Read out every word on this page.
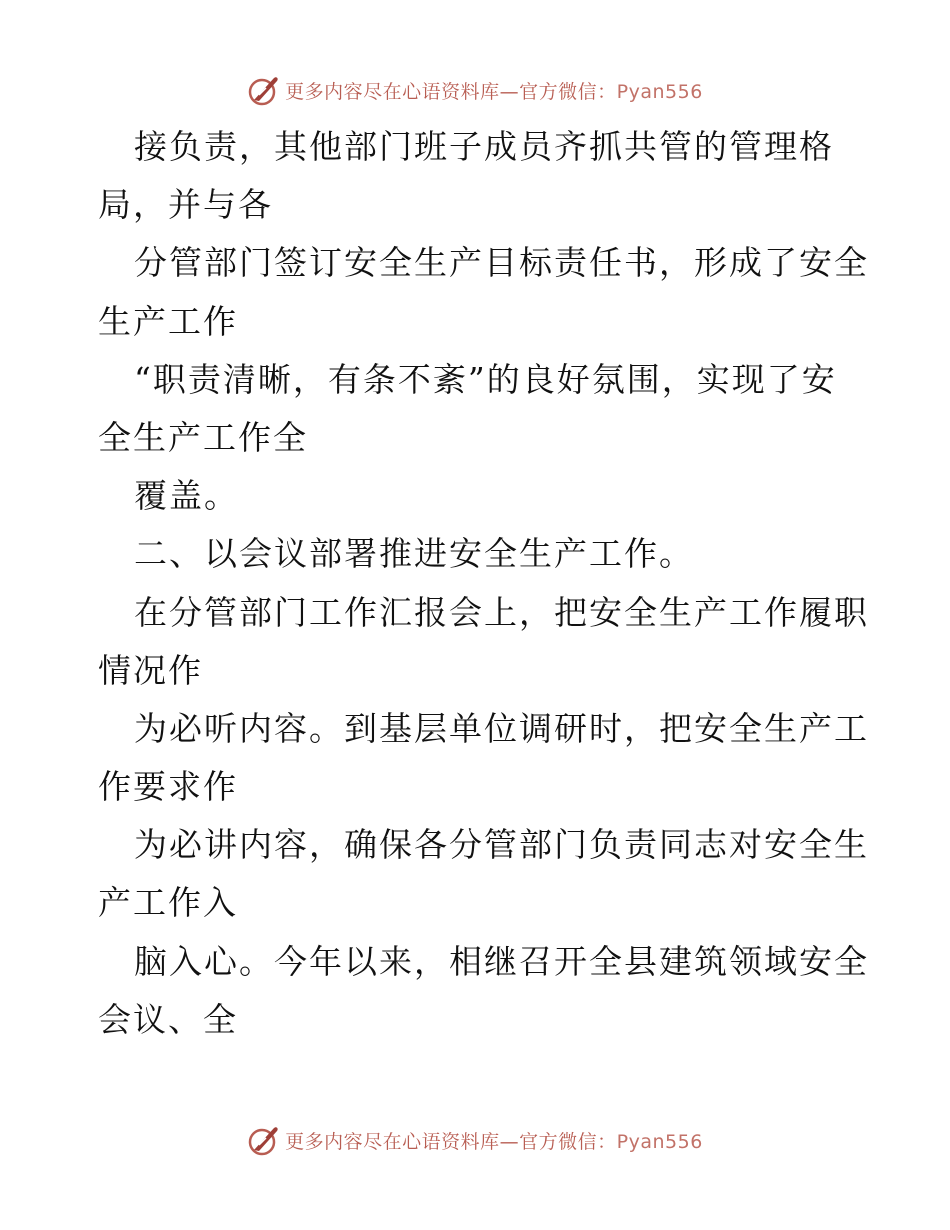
更多内容尽在心语资料库—官方微信：Pyan556
接负责，其他部门班子成员齐抓共管的管理格
局，并与各
分管部门签订安全生产目标责任书，形成了安全
生产工作
“职责清晰，有条不紊”的良好氛围，实现了安
全生产工作全
覆盖。
二、以会议部署推进安全生产工作。
在分管部门工作汇报会上，把安全生产工作履职
情况作
为必听内容。到基层单位调研时，把安全生产工
作要求作
为必讲内容，确保各分管部门负责同志对安全生
产工作入
脑入心。今年以来，相继召开全县建筑领域安全
会议、全
更多内容尽在心语资料库—官方微信：Pyan556
